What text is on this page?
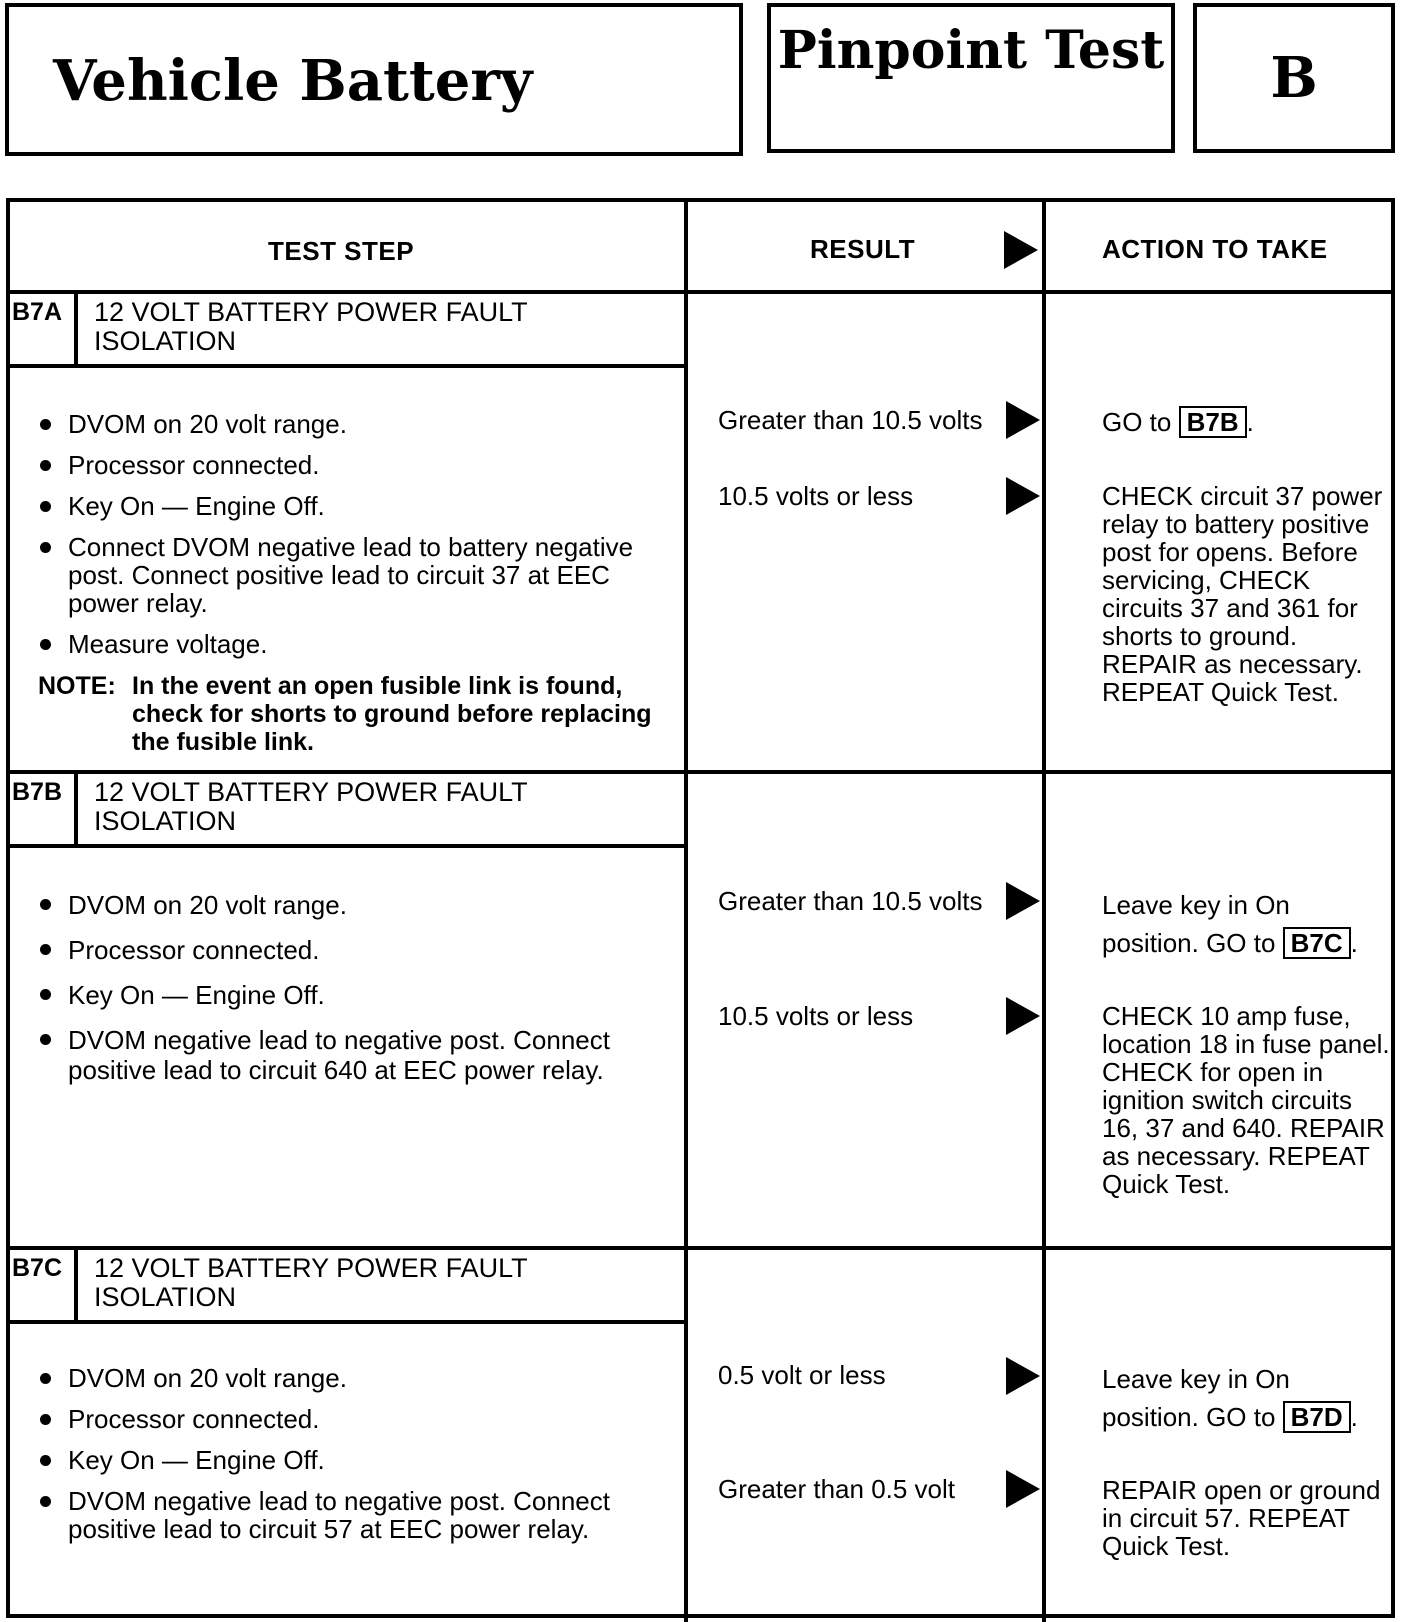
Vehicle Battery	Pinpoint Test	B
TEST STEP	RESULT	ACTION TO TAKE
B7A	12 VOLT BATTERY POWER FAULT ISOLATION
DVOM on 20 volt range.
Processor connected.
Key On — Engine Off.
Connect DVOM negative lead to battery negative post. Connect positive lead to circuit 37 at EEC power relay.
Measure voltage.
NOTE: In the event an open fusible link is found, check for shorts to ground before replacing the fusible link.
Greater than 10.5 volts	GO to B7B .
10.5 volts or less	CHECK circuit 37 power relay to battery positive post for opens. Before servicing, CHECK circuits 37 and 361 for shorts to ground. REPAIR as necessary. REPEAT Quick Test.
B7B	12 VOLT BATTERY POWER FAULT ISOLATION
DVOM on 20 volt range.
Processor connected.
Key On — Engine Off.
DVOM negative lead to negative post. Connect positive lead to circuit 640 at EEC power relay.
Greater than 10.5 volts	Leave key in On position. GO to B7C .
10.5 volts or less	CHECK 10 amp fuse, location 18 in fuse panel. CHECK for open in ignition switch circuits 16, 37 and 640. REPAIR as necessary. REPEAT Quick Test.
B7C	12 VOLT BATTERY POWER FAULT ISOLATION
DVOM on 20 volt range.
Processor connected.
Key On — Engine Off.
DVOM negative lead to negative post. Connect positive lead to circuit 57 at EEC power relay.
0.5 volt or less	Leave key in On position. GO to B7D .
Greater than 0.5 volt	REPAIR open or ground in circuit 57. REPEAT Quick Test.
